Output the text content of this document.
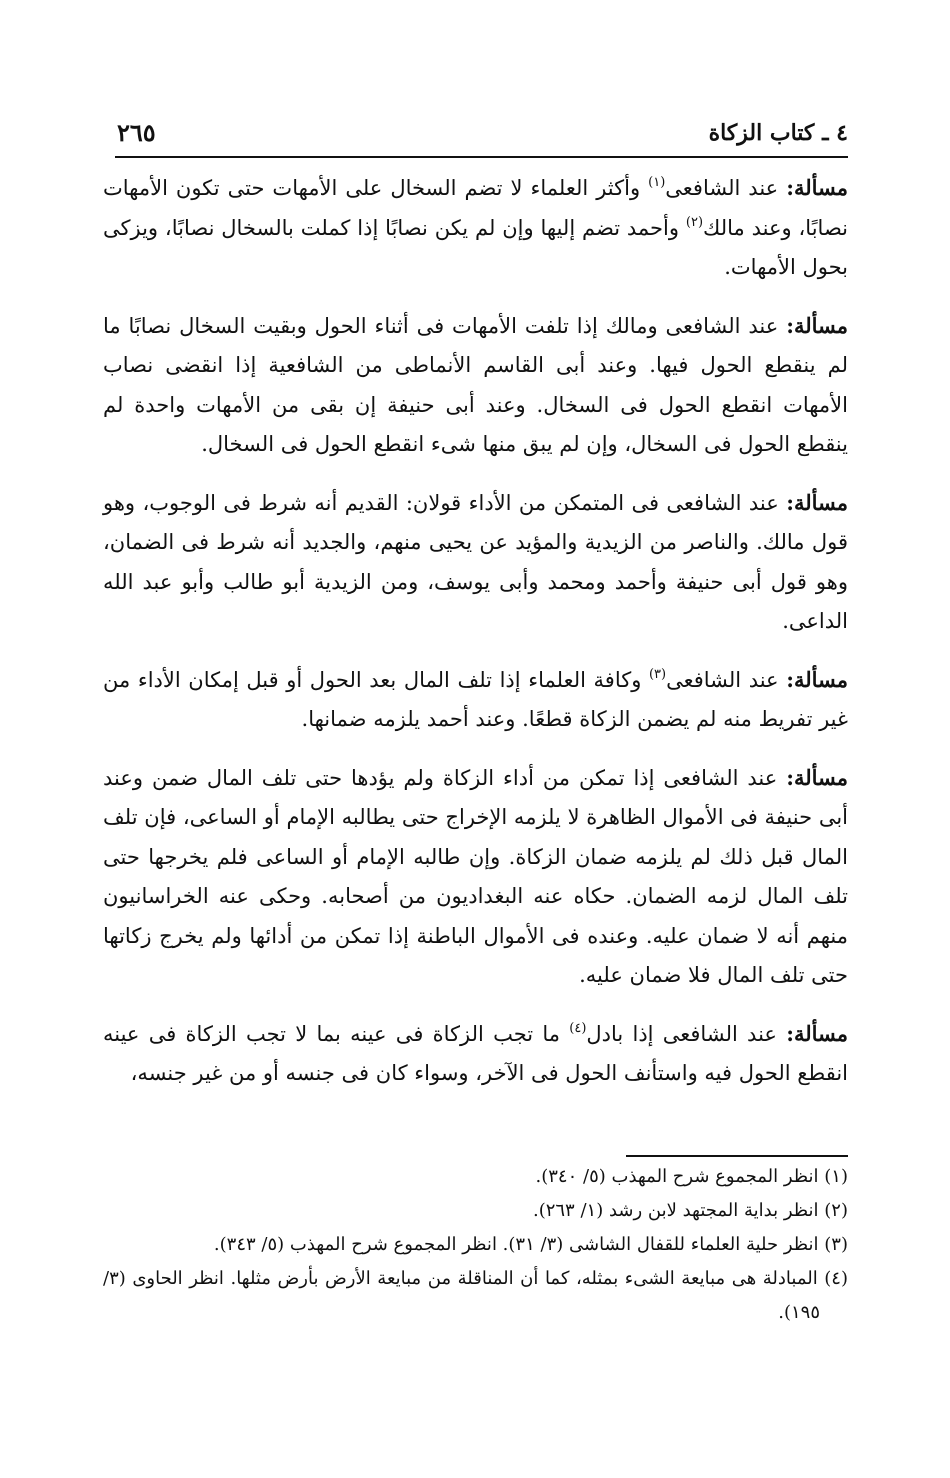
٤ ـ كتاب الزكاة
٢٦٥

مسألة: عند الشافعى$^{(١)}$ وأكثر العلماء لا تضم السخال على الأمهات حتى تكون الأمهات نصابًا، وعند مالك$^{(٢)}$ وأحمد تضم إليها وإن لم يكن نصابًا إذا كملت بالسخال نصابًا، ويزكى بحول الأمهات.

مسألة: عند الشافعى ومالك إذا تلفت الأمهات فى أثناء الحول وبقيت السخال نصابًا ما لم ينقطع الحول فيها. وعند أبى القاسم الأنماطى من الشافعية إذا انقضى نصاب الأمهات انقطع الحول فى السخال. وعند أبى حنيفة إن بقى من الأمهات واحدة لم ينقطع الحول فى السخال، وإن لم يبق منها شىء انقطع الحول فى السخال.

مسألة: عند الشافعى فى المتمكن من الأداء قولان: القديم أنه شرط فى الوجوب، وهو قول مالك. والناصر من الزيدية والمؤيد عن يحيى منهم، والجديد أنه شرط فى الضمان، وهو قول أبى حنيفة وأحمد ومحمد وأبى يوسف، ومن الزيدية أبو طالب وأبو عبد الله الداعى.

مسألة: عند الشافعى$^{(٣)}$ وكافة العلماء إذا تلف المال بعد الحول أو قبل إمكان الأداء من غير تفريط منه لم يضمن الزكاة قطعًا. وعند أحمد يلزمه ضمانها.

مسألة: عند الشافعى إذا تمكن من أداء الزكاة ولم يؤدها حتى تلف المال ضمن وعند أبى حنيفة فى الأموال الظاهرة لا يلزمه الإخراج حتى يطالبه الإمام أو الساعى، فإن تلف المال قبل ذلك لم يلزمه ضمان الزكاة. وإن طالبه الإمام أو الساعى فلم يخرجها حتى تلف المال لزمه الضمان. حكاه عنه البغداديون من أصحابه. وحكى عنه الخراسانيون منهم أنه لا ضمان عليه. وعنده فى الأموال الباطنة إذا تمكن من أدائها ولم يخرج زكاتها حتى تلف المال فلا ضمان عليه.

مسألة: عند الشافعى إذا بادل$^{(٤)}$ ما تجب الزكاة فى عينه بما لا تجب الزكاة فى عينه انقطع الحول فيه واستأنف الحول فى الآخر، وسواء كان فى جنسه أو من غير جنسه،

(١) انظر المجموع شرح المهذب (٥/ ٣٤٠).

(٢) انظر بداية المجتهد لابن رشد (١/ ٢٦٣).

(٣) انظر حلية العلماء للقفال الشاشى (٣/ ٣١). انظر المجموع شرح المهذب (٥/ ٣٤٣).

(٤) المبادلة هى مبايعة الشىء بمثله، كما أن المناقلة من مبايعة الأرض بأرض مثلها. انظر الحاوى (٣/ ١٩٥).
